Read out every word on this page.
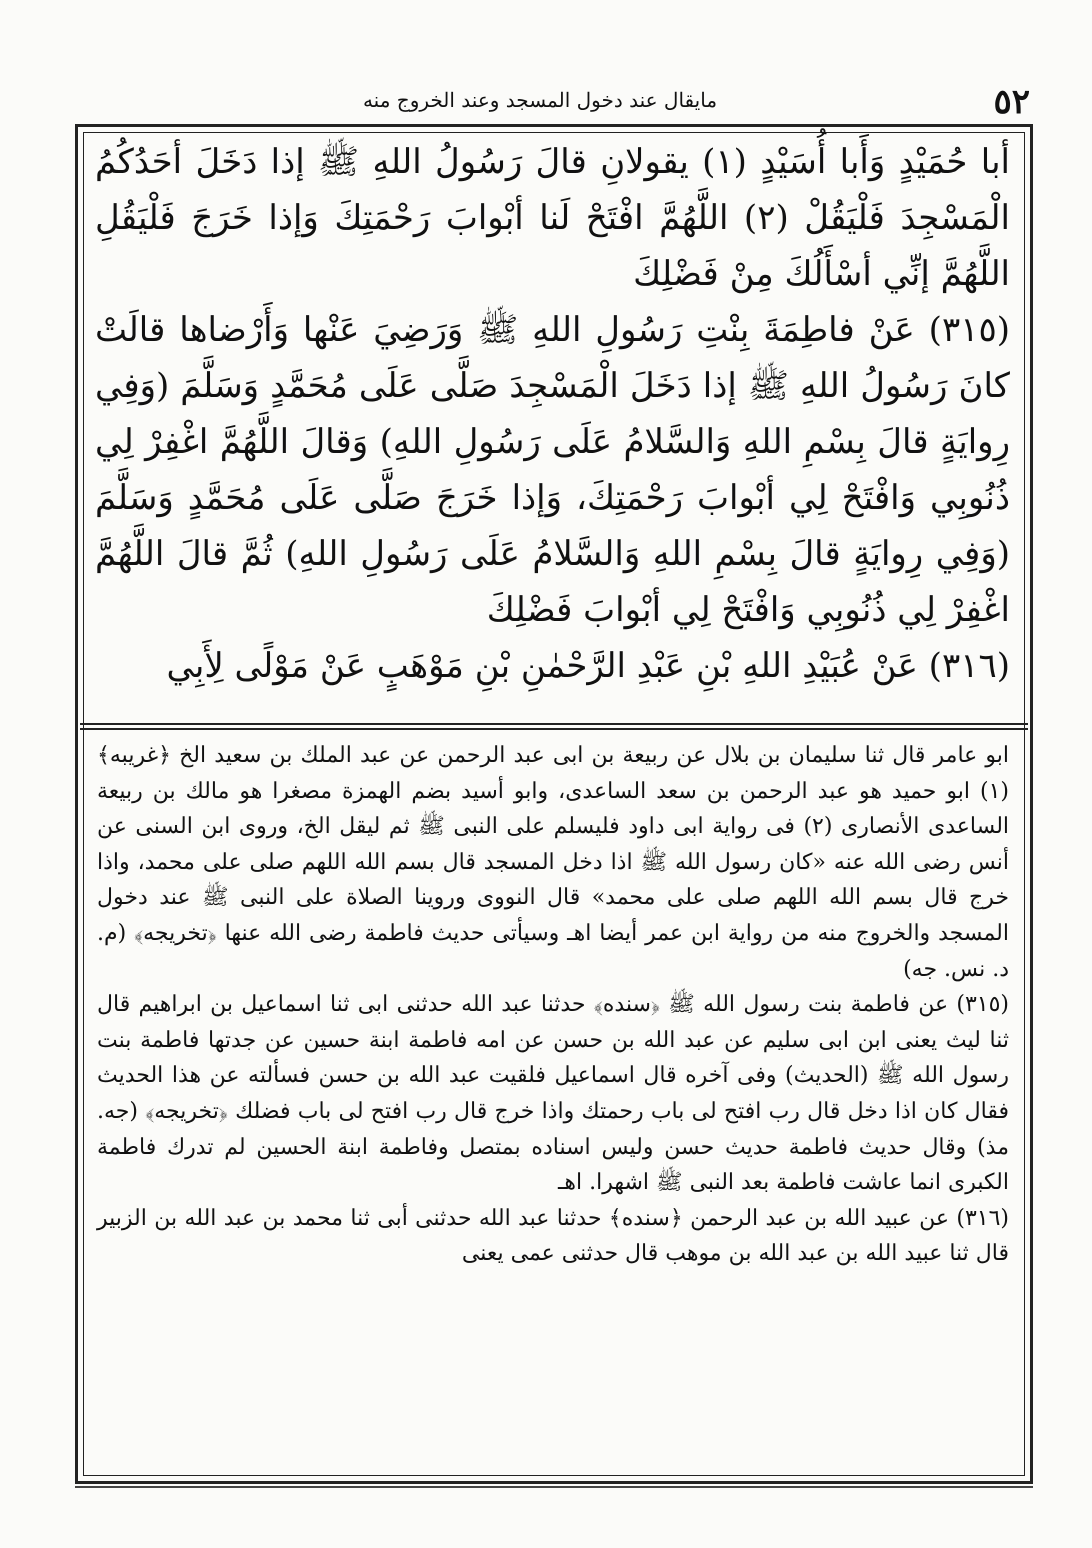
٥٢
مايقال عند دخول المسجد وعند الخروج منه

أبا حُمَيْدٍ وَأَبا أُسَيْدٍ (١) يقولانِ قالَ رَسُولُ اللهِ ﷺ إذا دَخَلَ أحَدُكُمُ الْمَسْجِدَ فَلْيَقُلْ (٢) اللَّهُمَّ افْتَحْ لَنا أبْوابَ رَحْمَتِكَ وَإذا خَرَجَ فَلْيَقُلِ اللَّهُمَّ إنِّي أسْأَلُكَ مِنْ فَضْلِكَ

(٣١٥) عَنْ فاطِمَةَ بِنْتِ رَسُولِ اللهِ ﷺ وَرَضِيَ عَنْها وَأَرْضاها قالَتْ كانَ رَسُولُ اللهِ ﷺ إذا دَخَلَ الْمَسْجِدَ صَلَّى عَلَى مُحَمَّدٍ وَسَلَّمَ (وَفِي رِوايَةٍ قالَ بِسْمِ اللهِ وَالسَّلامُ عَلَى رَسُولِ اللهِ) وَقالَ اللَّهُمَّ اغْفِرْ لِي ذُنُوبِي وَافْتَحْ لِي أبْوابَ رَحْمَتِكَ، وَإذا خَرَجَ صَلَّى عَلَى مُحَمَّدٍ وَسَلَّمَ (وَفِي رِوايَةٍ قالَ بِسْمِ اللهِ وَالسَّلامُ عَلَى رَسُولِ اللهِ) ثُمَّ قالَ اللَّهُمَّ اغْفِرْ لِي ذُنُوبِي وَافْتَحْ لِي أبْوابَ فَضْلِكَ

(٣١٦) عَنْ عُبَيْدِ اللهِ بْنِ عَبْدِ الرَّحْمٰنِ بْنِ مَوْهَبٍ عَنْ مَوْلًى لِأَبِي

ابو عامر قال ثنا سليمان بن بلال عن ربيعة بن ابى عبد الرحمن عن عبد الملك بن سعيد الخ ﴿غريبه﴾ (١) ابو حميد هو عبد الرحمن بن سعد الساعدى، وابو أسيد بضم الهمزة مصغرا هو مالك بن ربيعة الساعدى الأنصارى (٢) فى رواية ابى داود فليسلم على النبى ﷺ ثم ليقل الخ، وروى ابن السنى عن أنس رضى الله عنه «كان رسول الله ﷺ اذا دخل المسجد قال بسم الله اللهم صلى على محمد، واذا خرج قال بسم الله اللهم صلى على محمد» قال النووى وروينا الصلاة على النبى ﷺ عند دخول المسجد والخروج منه من رواية ابن عمر أيضا اهـ وسيأتى حديث فاطمة رضى الله عنها ﴿تخريجه﴾ (م. د. نس. جه)

(٣١٥) عن فاطمة بنت رسول الله ﷺ ﴿سنده﴾ حدثنا عبد الله حدثنى ابى ثنا اسماعيل بن ابراهيم قال ثنا ليث يعنى ابن ابى سليم عن عبد الله بن حسن عن امه فاطمة ابنة حسين عن جدتها فاطمة بنت رسول الله ﷺ (الحديث) وفى آخره قال اسماعيل فلقيت عبد الله بن حسن فسألته عن هذا الحديث فقال كان اذا دخل قال رب افتح لى باب رحمتك واذا خرج قال رب افتح لى باب فضلك ﴿تخريجه﴾ (جه. مذ) وقال حديث فاطمة حديث حسن وليس اسناده بمتصل وفاطمة ابنة الحسين لم تدرك فاطمة الكبرى انما عاشت فاطمة بعد النبى ﷺ اشهرا. اهـ

(٣١٦) عن عبيد الله بن عبد الرحمن ﴿سنده﴾ حدثنا عبد الله حدثنى أبى ثنا محمد بن عبد الله بن الزبير قال ثنا عبيد الله بن عبد الله بن موهب قال حدثنى عمى يعنى
